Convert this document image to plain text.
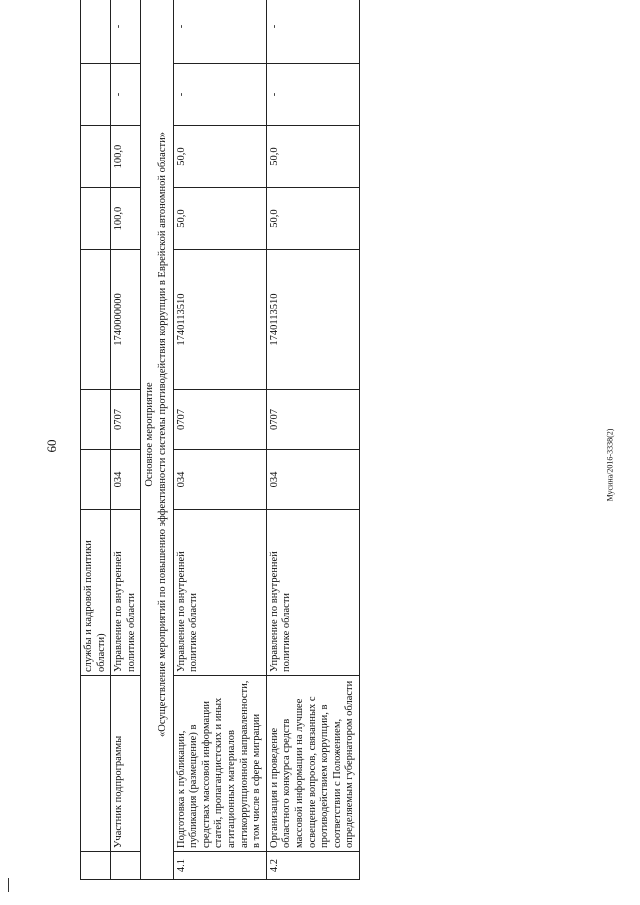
60	Мусина/2016-3338(2)
		службы и кадровой политики области)							
	Участник подпрограммы	Управление по внутренней политике области	034	0707	1740000000	100,0	100,0	-	-

Основное мероприятие «Осуществление мероприятий по повышению эффективности системы противодействия коррупции в Еврейской автономной области»									

4.1	Подготовка к публикации, публикация (размещение) в средствах массовой информации статей, пропагандистских и иных агитационных материалов антикоррупционной направленности, в том числе в сфере миграции	Управление по внутренней политике области	034	0707	1740113510	50,0	50,0	-	-
4.2	Организация и проведение областного конкурса средств массовой информации на лучшее освещение вопросов, связанных с противодействием коррупции, в соответствии с Положением, определяемым губернатором области	Управление по внутренней политике области	034	0707	1740113510	50,0	50,0	-	-
